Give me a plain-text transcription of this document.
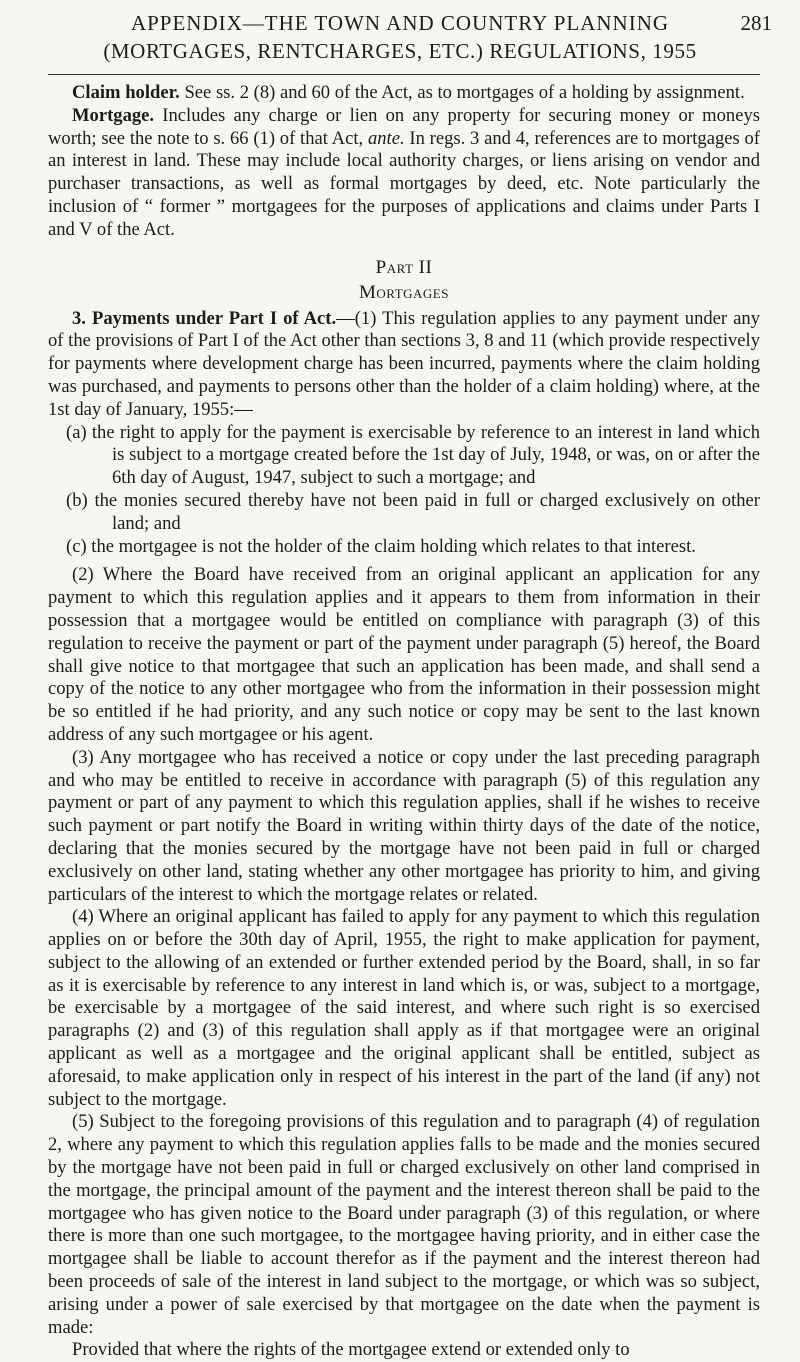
APPENDIX—THE TOWN AND COUNTRY PLANNING	281
(MORTGAGES, RENTCHARGES, ETC.) REGULATIONS, 1955

Claim holder. See ss. 2 (8) and 60 of the Act, as to mortgages of a holding by assignment.

Mortgage. Includes any charge or lien on any property for securing money or moneys worth; see the note to s. 66 (1) of that Act, ante. In regs. 3 and 4, references are to mortgages of an interest in land. These may include local authority charges, or liens arising on vendor and purchaser transactions, as well as formal mortgages by deed, etc. Note particularly the inclusion of “ former ” mortgagees for the purposes of applications and claims under Parts I and V of the Act.

Part II
Mortgages

3. Payments under Part I of Act.—(1) This regulation applies to any payment under any of the provisions of Part I of the Act other than sections 3, 8 and 11 (which provide respectively for payments where development charge has been incurred, payments where the claim holding was purchased, and payments to persons other than the holder of a claim holding) where, at the 1st day of January, 1955:—

(a) the right to apply for the payment is exercisable by reference to an interest in land which is subject to a mortgage created before the 1st day of July, 1948, or was, on or after the 6th day of August, 1947, subject to such a mortgage; and

(b) the monies secured thereby have not been paid in full or charged exclusively on other land; and

(c) the mortgagee is not the holder of the claim holding which relates to that interest.

(2) Where the Board have received from an original applicant an application for any payment to which this regulation applies and it appears to them from information in their possession that a mortgagee would be entitled on compliance with paragraph (3) of this regulation to receive the payment or part of the payment under paragraph (5) hereof, the Board shall give notice to that mortgagee that such an application has been made, and shall send a copy of the notice to any other mortgagee who from the information in their possession might be so entitled if he had priority, and any such notice or copy may be sent to the last known address of any such mortgagee or his agent.

(3) Any mortgagee who has received a notice or copy under the last preceding paragraph and who may be entitled to receive in accordance with paragraph (5) of this regulation any payment or part of any payment to which this regulation applies, shall if he wishes to receive such payment or part notify the Board in writing within thirty days of the date of the notice, declaring that the monies secured by the mortgage have not been paid in full or charged exclusively on other land, stating whether any other mortgagee has priority to him, and giving particulars of the interest to which the mortgage relates or related.

(4) Where an original applicant has failed to apply for any payment to which this regulation applies on or before the 30th day of April, 1955, the right to make application for payment, subject to the allowing of an extended or further extended period by the Board, shall, in so far as it is exercisable by reference to any interest in land which is, or was, subject to a mortgage, be exercisable by a mortgagee of the said interest, and where such right is so exercised paragraphs (2) and (3) of this regulation shall apply as if that mortgagee were an original applicant as well as a mortgagee and the original applicant shall be entitled, subject as aforesaid, to make application only in respect of his interest in the part of the land (if any) not subject to the mortgage.

(5) Subject to the foregoing provisions of this regulation and to paragraph (4) of regulation 2, where any payment to which this regulation applies falls to be made and the monies secured by the mortgage have not been paid in full or charged exclusively on other land comprised in the mortgage, the principal amount of the payment and the interest thereon shall be paid to the mortgagee who has given notice to the Board under paragraph (3) of this regulation, or where there is more than one such mortgagee, to the mortgagee having priority, and in either case the mortgagee shall be liable to account therefor as if the payment and the interest thereon had been proceeds of sale of the interest in land subject to the mortgage, or which was so subject, arising under a power of sale exercised by that mortgagee on the date when the payment is made:

Provided that where the rights of the mortgagee extend or extended only to
